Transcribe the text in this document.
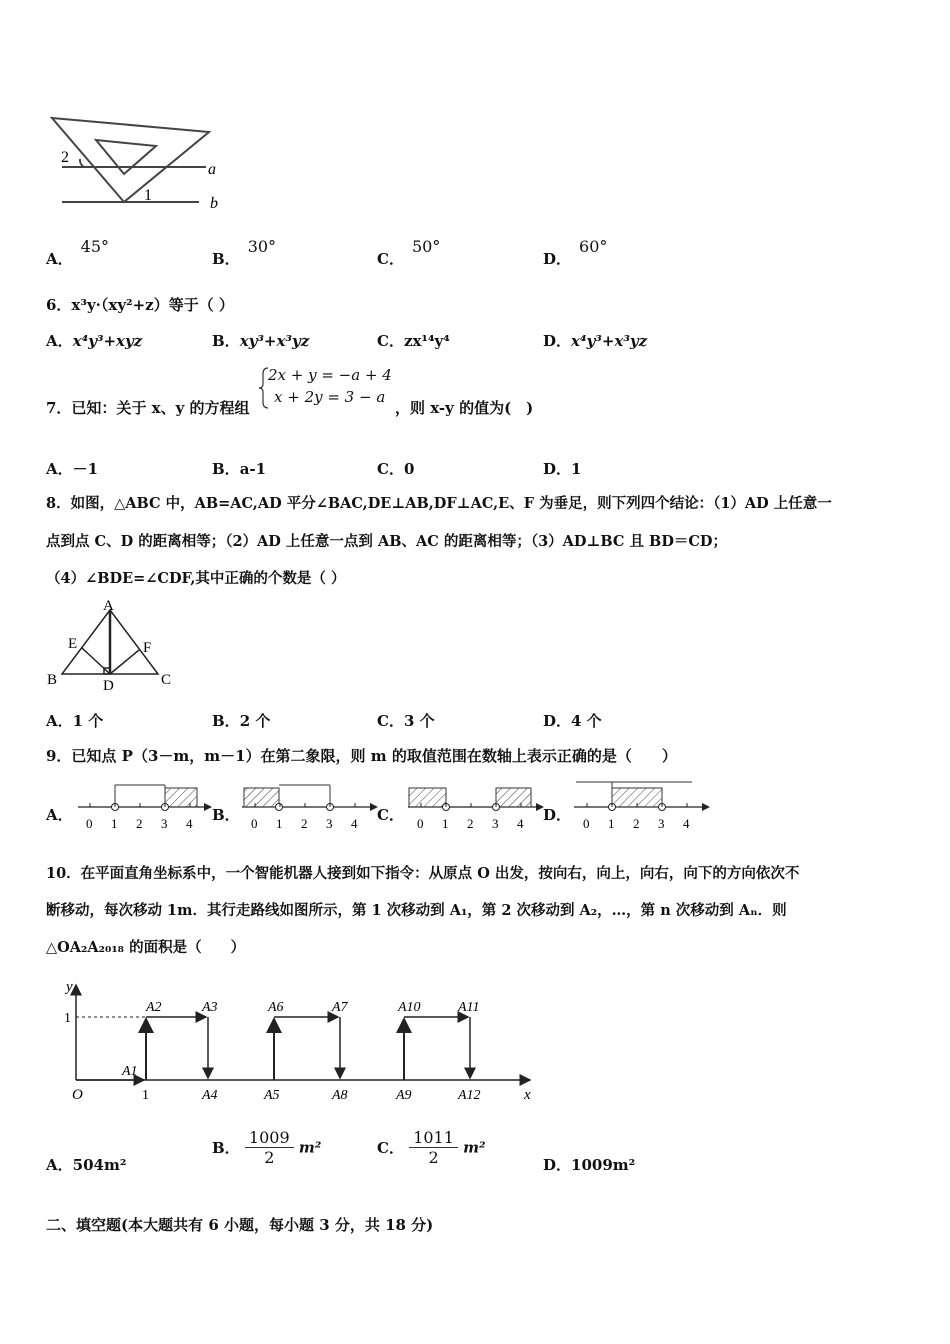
2
1
a
b
A．45°
B．30°
C．50°
D．60°
6．x³y·（xy²+z）等于（ ）
A．x⁴y³+xyz	B．xy³+x³yz	C．zx¹⁴y⁴	D．x⁴y³+x³yz
7．已知：关于 x、y 的方程组
2x + y = −a + 4
x + 2y = 3 − a
，则 x-y 的值为(　)
A．－1	B．a-1	C．0	D．1
8．如图，△ABC 中，AB=AC,AD 平分∠BAC,DE⊥AB,DF⊥AC,E、F 为垂足，则下列四个结论：（1）AD 上任意一
点到点 C、D 的距离相等；（2）AD 上任意一点到 AB、AC 的距离相等；（3）AD⊥BC 且 BD＝CD；
（4）∠BDE=∠CDF,其中正确的个数是（ ）
A
E	F
B	D	C
A．1 个	B．2 个	C．3 个	D．4 个
9．已知点 P（3－m，m－1）在第二象限，则 m 的取值范围在数轴上表示正确的是（　　）
A．	B．	C．	D．
0 1 2 3 4	0 1 2 3 4	0 1 2 3 4	0 1 2 3 4
10．在平面直角坐标系中，一个智能机器人接到如下指令：从原点 O 出发，按向右，向上，向右，向下的方向依次不
断移动，每次移动 1m．其行走路线如图所示，第 1 次移动到 A₁，第 2 次移动到 A₂，…，第 n 次移动到 Aₙ．则
△OA₂A₂₀₁₈ 的面积是（　　）
y
x
O
1
1
A2	A3	A6	A7	A10	A11
A1
A4	A5	A8	A9	A12
A．504m²
B． $\frac{1009}{2} m^2$	C． $\frac{1011}{2} m^2$
D．1009m²
二、填空题(本大题共有 6 小题，每小题 3 分，共 18 分)
